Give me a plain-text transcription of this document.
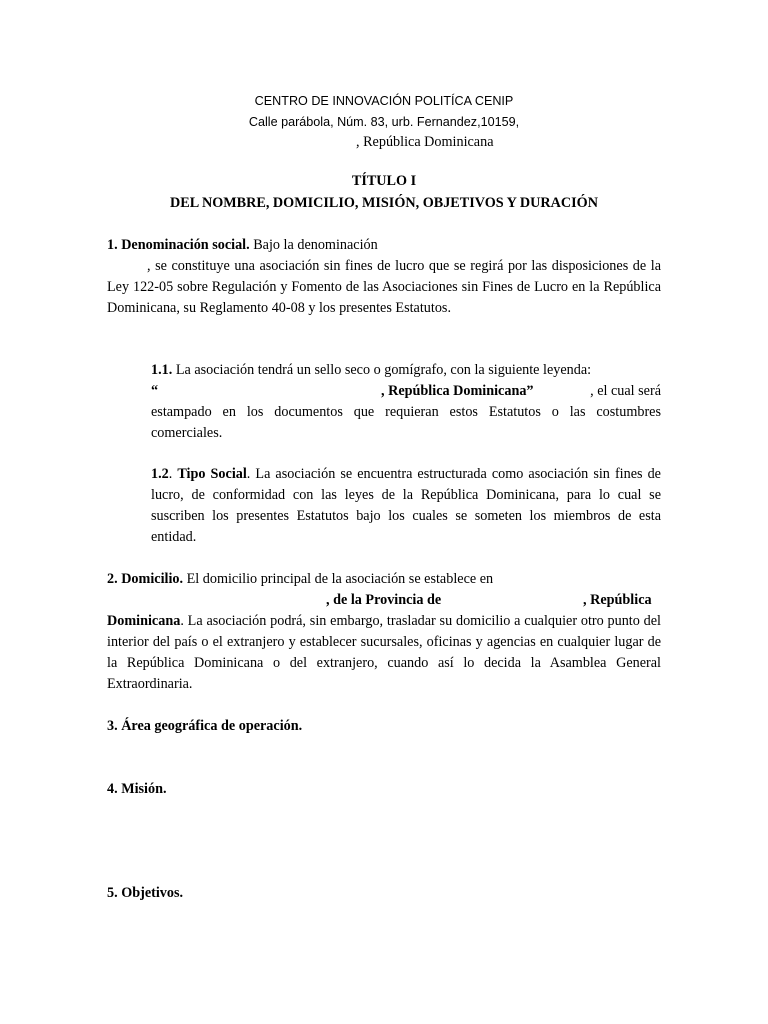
CENTRO DE INNOVACIÓN POLITÍCA CENIP
Calle parábola, Núm. 83, urb. Fernandez,10159,
, República Dominicana
TÍTULO I
DEL NOMBRE, DOMICILIO, MISIÓN, OBJETIVOS Y DURACIÓN
1. Denominación social. Bajo la denominación
, se constituye una asociación sin fines de lucro que se regirá por las disposiciones de la Ley 122-05 sobre Regulación y Fomento de las Asociaciones sin Fines de Lucro en la República Dominicana, su Reglamento 40-08 y los presentes Estatutos.
1.1. La asociación tendrá un sello seco o gomígrafo, con la siguiente leyenda:
“	, República Dominicana”	, el cual será
estampado en los documentos que requieran estos Estatutos o las costumbres comerciales.
1.2. Tipo Social. La asociación se encuentra estructurada como asociación sin fines de lucro, de conformidad con las leyes de la República Dominicana, para lo cual se suscriben los presentes Estatutos bajo los cuales se someten los miembros de esta entidad.
2. Domicilio. El domicilio principal de la asociación se establece en
, de la Provincia de	, República
Dominicana. La asociación podrá, sin embargo, trasladar su domicilio a cualquier otro punto del interior del país o el extranjero y establecer sucursales, oficinas y agencias en cualquier lugar de la República Dominicana o del extranjero, cuando así lo decida la Asamblea General Extraordinaria.
3. Área geográfica de operación.
4. Misión.
5. Objetivos.
